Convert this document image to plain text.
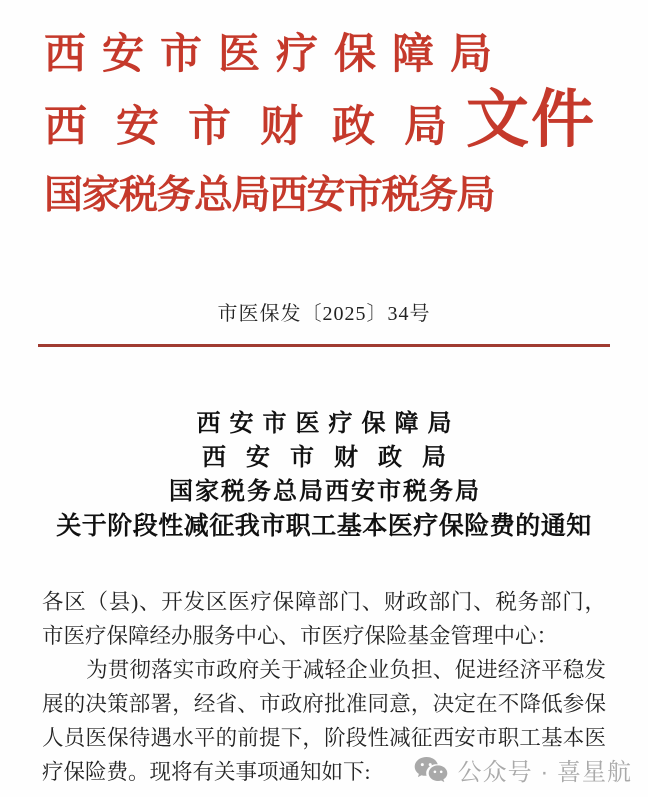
西安市医疗保障局
西安市财政局
文件
国家税务总局西安市税务局
市医保发〔2025〕34号
西安市医疗保障局
西安市财政局
国家税务总局西安市税务局
关于阶段性减征我市职工基本医疗保险费的通知

各区（县)、开发区医疗保障部门、财政部门、税务部门，市医疗保障经办服务中心、市医疗保险基金管理中心：

为贯彻落实市政府关于减轻企业负担、促进经济平稳发展的决策部署，经省、市政府批准同意，决定在不降低参保人员医保待遇水平的前提下，阶段性减征西安市职工基本医疗保险费。现将有关事项通知如下:	公众号 · 喜星航
